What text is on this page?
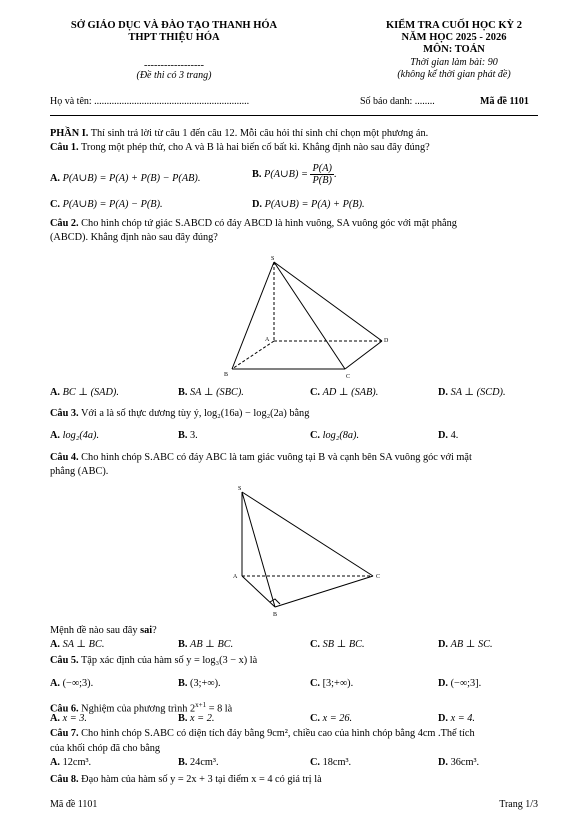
SỞ GIÁO DỤC VÀ ĐÀO TẠO THANH HÓA
THPT THIỆU HÓA
------------------
(Đề thi có 3 trang)
KIỂM TRA CUỐI HỌC KỲ 2
NĂM HỌC 2025 - 2026
MÔN: TOÁN
Thời gian làm bài: 90
(không kể thời gian phát đề)
Họ và tên: ..............................................................	Số báo danh: ........	Mã đề 1101
PHẦN I. Thí sinh trả lời từ câu 1 đến câu 12. Mỗi câu hỏi thí sinh chỉ chọn một phương án.
Câu 1. Trong một phép thử, cho A và B là hai biến cố bất kì. Khẳng định nào sau đây đúng?
A. P(A∪B) = P(A) + P(B) − P(AB).	B. P(A∪B) = $\frac{P(A)}{P(B)}$ .
C. P(A∪B) = P(A) − P(B).	D. P(A∪B) = P(A) + P(B).
Câu 2. Cho hình chóp tứ giác S.ABCD có đáy ABCD là hình vuông, SA vuông góc với mặt phẳng
(ABCD). Khẳng định nào sau đây đúng?
S
A
B	C
D
A. BC ⊥ (SAD).	B. SA ⊥ (SBC).	C. AD ⊥ (SAB).	D. SA ⊥ (SCD).
Câu 3. Với a là số thực dương tùy ý, log₂(16a) − log₂(2a) bằng
A. log₂(4a).	B. 3.	C. log₂(8a).	D. 4.
Câu 4. Cho hình chóp S.ABC có đáy ABC là tam giác vuông tại B và cạnh bên SA vuông góc với mặt
phẳng (ABC).
S
A
B
C
Mệnh đề nào sau đây sai?
A. SA ⊥ BC.	B. AB ⊥ BC.	C. SB ⊥ BC.	D. AB ⊥ SC.
Câu 5. Tập xác định của hàm số y = log₃(3 − x) là
A. (−∞;3).	B. (3;+∞).	C. [3;+∞).	D. (−∞;3].
Câu 6. Nghiệm của phương trình $2^{x+1} = 8$ là
A. x = 3.	B. x = 2.	C. x = 26.	D. x = 4.
Câu 7. Cho hình chóp S.ABC có diện tích đáy bằng 9cm², chiều cao của hình chóp bằng 4cm .Thể tích
của khối chóp đã cho bằng
A. 12cm³.	B. 24cm³.	C. 18cm³.	D. 36cm³.
Câu 8. Đạo hàm của hàm số y = 2x + 3 tại điểm x = 4 có giá trị là
Mã đề 1101	Trang 1/3
